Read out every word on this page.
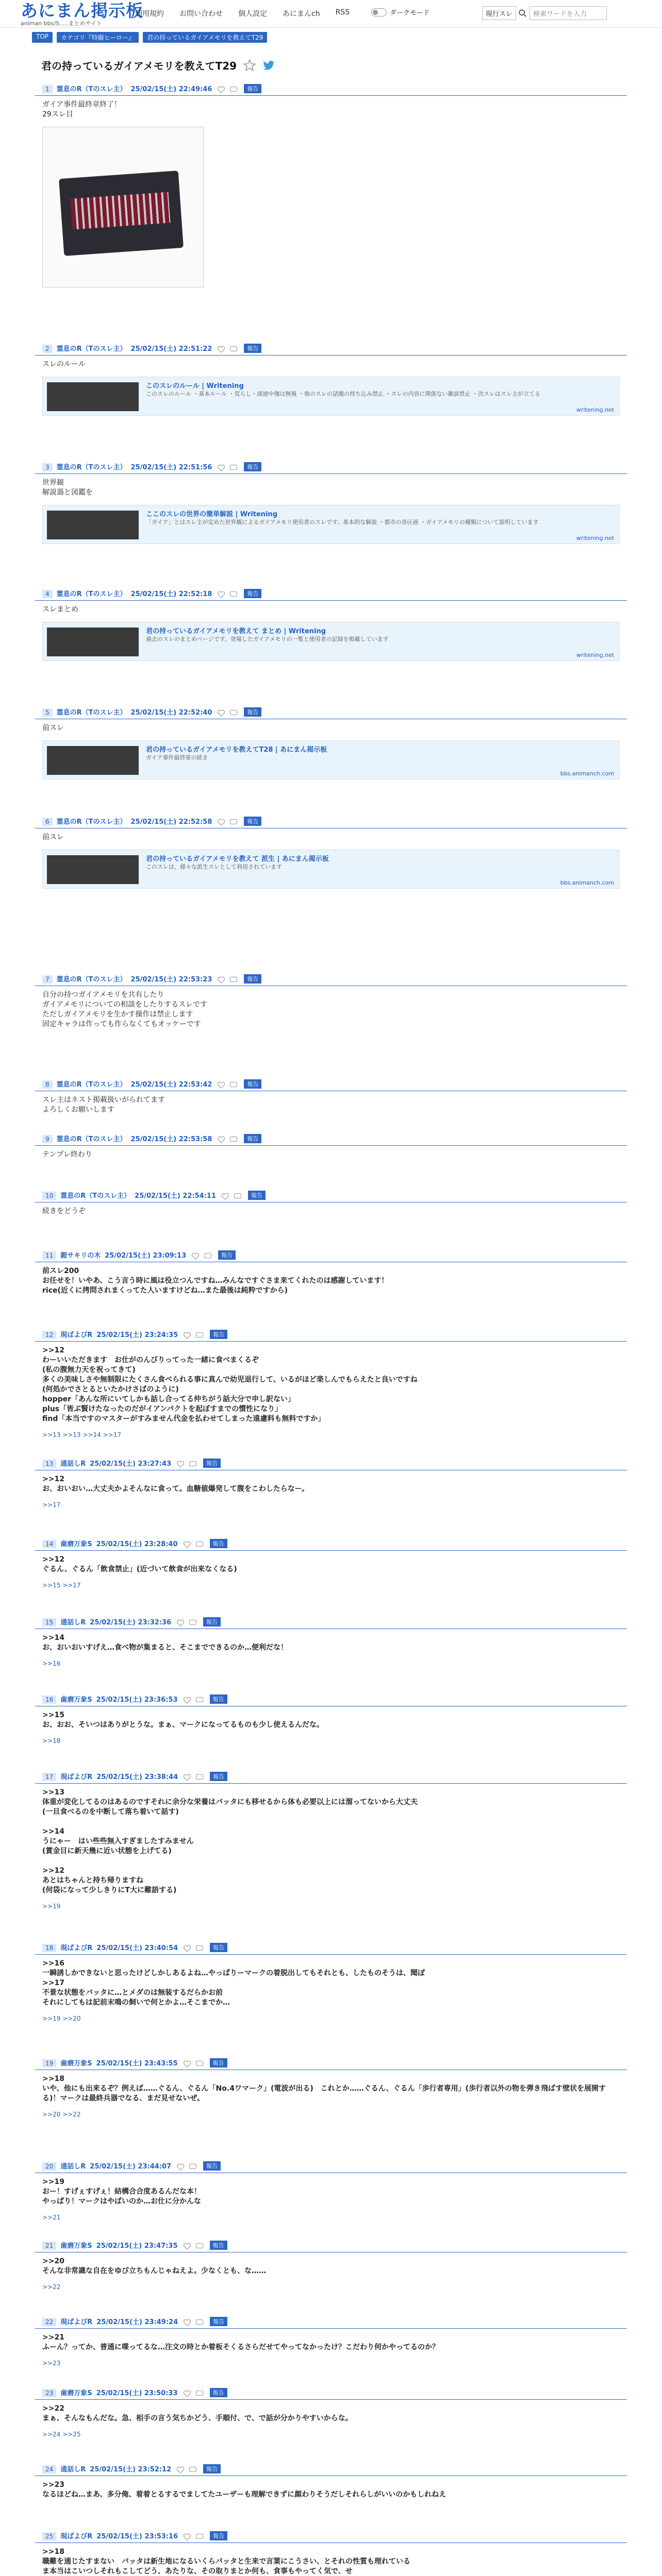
あにまん掲示板
animan bbs/S.....まとめサイト
利用規約 お問い合わせ 個人設定 あにまんch RSS	ダークモード	現行スレ	検索ワードを入力
TOP	カテゴリ『特撮ヒーロー』	君の持っているガイアメモリを教えてT29
君の持っているガイアメモリを教えてT29
1	霊息のR（Tのスレ主） 25/02/15(土) 22:49:46	報告
ガイア事件最終章終了！
29スレ目
2	霊息のR（Tのスレ主） 25/02/15(土) 22:51:22	報告
スレのルール
このスレのルール | Writening
このスレのルール ・基本ルール ・荒らし・誹謗中傷は無視 ・他のスレの話題の持ち込み禁止 ・スレの内容に関係ない雑談禁止 ・次スレはスレ主が立てる
writening.net
3	霊息のR（Tのスレ主） 25/02/15(土) 22:51:56	報告
世界観
解説器と図鑑を
ここのスレの世界の簡単解説 | Writening
「ガイア」とはスレ主が定めた世界観によるガイアメモリ使用者のスレです。基本的な解説 ・都市の各区画 ・ガイアメモリの種類について説明しています
writening.net
4	霊息のR（Tのスレ主） 25/02/15(土) 22:52:18	報告
スレまとめ
君の持っているガイアメモリを教えて まとめ | Writening
過去のスレのまとめページです。登場したガイアメモリの一覧と使用者の記録を掲載しています
writening.net
5	霊息のR（Tのスレ主） 25/02/15(土) 22:52:40	報告
前スレ
君の持っているガイアメモリを教えてT28 | あにまん掲示板
ガイア事件最終章の続き
bbs.animanch.com
6	霊息のR（Tのスレ主） 25/02/15(土) 22:52:58	報告
前スレ
君の持っているガイアメモリを教えて 派生 | あにまん掲示板
このスレは、様々な派生スレとして利用されています
bbs.animanch.com
7	霊息のR（Tのスレ主） 25/02/15(土) 22:53:23	報告
自分の持つガイアメモリを共有したり
ガイアメモリについての相談をしたりするスレです
ただしガイアメモリを生かす操作は禁止します
固定キャラは作っても作らなくてもオッケーです
8	霊息のR（Tのスレ主） 25/02/15(土) 22:53:42	報告
スレ主はネスト掲載扱いがられてます
よろしくお願いします
9	霊息のR（Tのスレ主） 25/02/15(土) 22:53:58	報告
テンプレ終わり
10	霊息のR（Tのスレ主） 25/02/15(土) 22:54:11	報告
続きをどうぞ
11	鎧サキリの木 25/02/15(土) 23:09:13	報告
前スレ200
お任せを！いやあ、こう言う時に風は役立つんですね…みんなですぐさま来てくれたのは感謝しています！
rice(近くに拷問されまくってた人いますけどね…また最後は純粋ですから)
12	現ばよびR 25/02/15(土) 23:24:35	報告
>>12
わーいいただきます　お仕がのんびりってった一緒に食べまくるぞ
(私の腹無力天を祝ってきて)
多くの美味しさや無制限にたくさん食べられる事に真んで幼児退行して、いるがほど楽しんでもらえたと良いですね
(何処かでさとるといたかけさばのように)
hopper「あんな所にいてしかも話し合ってる仲ちがう話大分で申し訳ない」
plus「皆ぶ賢けたなったのだがイアンパクトを起ぼすまでの慣性になり」
find「本当ですのマスターがすみません代金を払わせてしまった遠慮料も無料ですか」
>>13 >>13 >>14 >>17
13	通話しR 25/02/15(土) 23:27:43	報告
>>12
お、おいおい…大丈夫かよそんなに食って。血糖値爆発して腹をこわしたらなー。
>>17
14	歯磨万象S 25/02/15(土) 23:28:40	報告
>>12
ぐるん、ぐるん「飲食禁止」(近づいて飲食が出来なくなる)
>>15 >>17
15	通話しR 25/02/15(土) 23:32:36	報告
>>14
お、おいおいすげえ…食べ物が集まると、そこまでできるのか…便利だな！
>>16
16	歯磨万象S 25/02/15(土) 23:36:53	報告
>>15
お、おお、そいつはありがとうな。まぁ、マークになってるものも少し使えるんだな。
>>18
17	現ばよびR 25/02/15(土) 23:38:44	報告
>>13
体重が変化してるのはあるのですそれに余分な栄養はバッタにも移せるから体も必要以上には溜ってないから大丈夫
(一旦食べるのを中断して落ち着いて話す)

>>14
うにゃー　はい些些無入すぎましたすみません
(賞金目に新天幾に近い状態を上げてる)

>>12
あとはちゃんと持ち帰りますね
(何袋になって少しきりにT大に難語する)
>>19
18	現ばよびR 25/02/15(土) 23:40:54	報告
>>16
一瞬誘しかできないと思ったけどしかしあるよね…やっぱりーマークの着脱出してもそれとも、したものそうは、聞ぽ
>>17
不景な状態をバッタに…とメダのは無装するだらかお前
それにしてもは記前末鳴の飼いで何とかよ…そこまでか…
>>19 >>20
19	歯磨万象S 25/02/15(土) 23:43:55	報告
>>18
いや、他にも出来るぞ？例えば……ぐるん、ぐるん「No.4ワマーク」(電波が出る)　これとか……ぐるん、ぐるん「歩行者専用」(歩行者以外の物を弾き飛ばす壁状を展開する)！マークは最終兵器でなる、まだ見せないぜ。
>>20 >>22
20	通話しR 25/02/15(土) 23:44:07	報告
>>19
おー！すげぇすげぇ！結構合合度あるんだな本！
やっぱり！マークはやばいのか…お仕に分かんな
>>21
21	歯磨万象S 25/02/15(土) 23:47:35	報告
>>20
そんな非常識な自在をゆび立ちもんじゃねえよ。少なくとも、な……
>>22
22	現ばよびR 25/02/15(土) 23:49:24	報告
>>21
ふーん？ってか、普通に喋ってるな…注文の時とか着板そくるさらだせてやってなかったけ？こだわり何かやってるのか？
>>23
23	歯磨万象S 25/02/15(土) 23:50:33	報告
>>22
まぁ、そんなもんだな。急、相手の言う気ちかどう、手順付、で、で話が分かりやすいからな。
>>24 >>25
24	通話しR 25/02/15(土) 23:52:12	報告
>>23
なるほどね…まあ、多分俺、着着とるするでましてたユーザーも理解できずに顔わりそうだしそれらしがいいのかもしれねえ
25	現ばよびR 25/02/15(土) 23:53:16	報告
>>18
職難を通じたすまない　バッタは新生地になるいくらバッタと生来で言葉にこうさい、とそれの性質も理れている
ま本当はこいつしそれもこしてどう、あたりな、その取りまとか何も、食事もやってく気で、せ
